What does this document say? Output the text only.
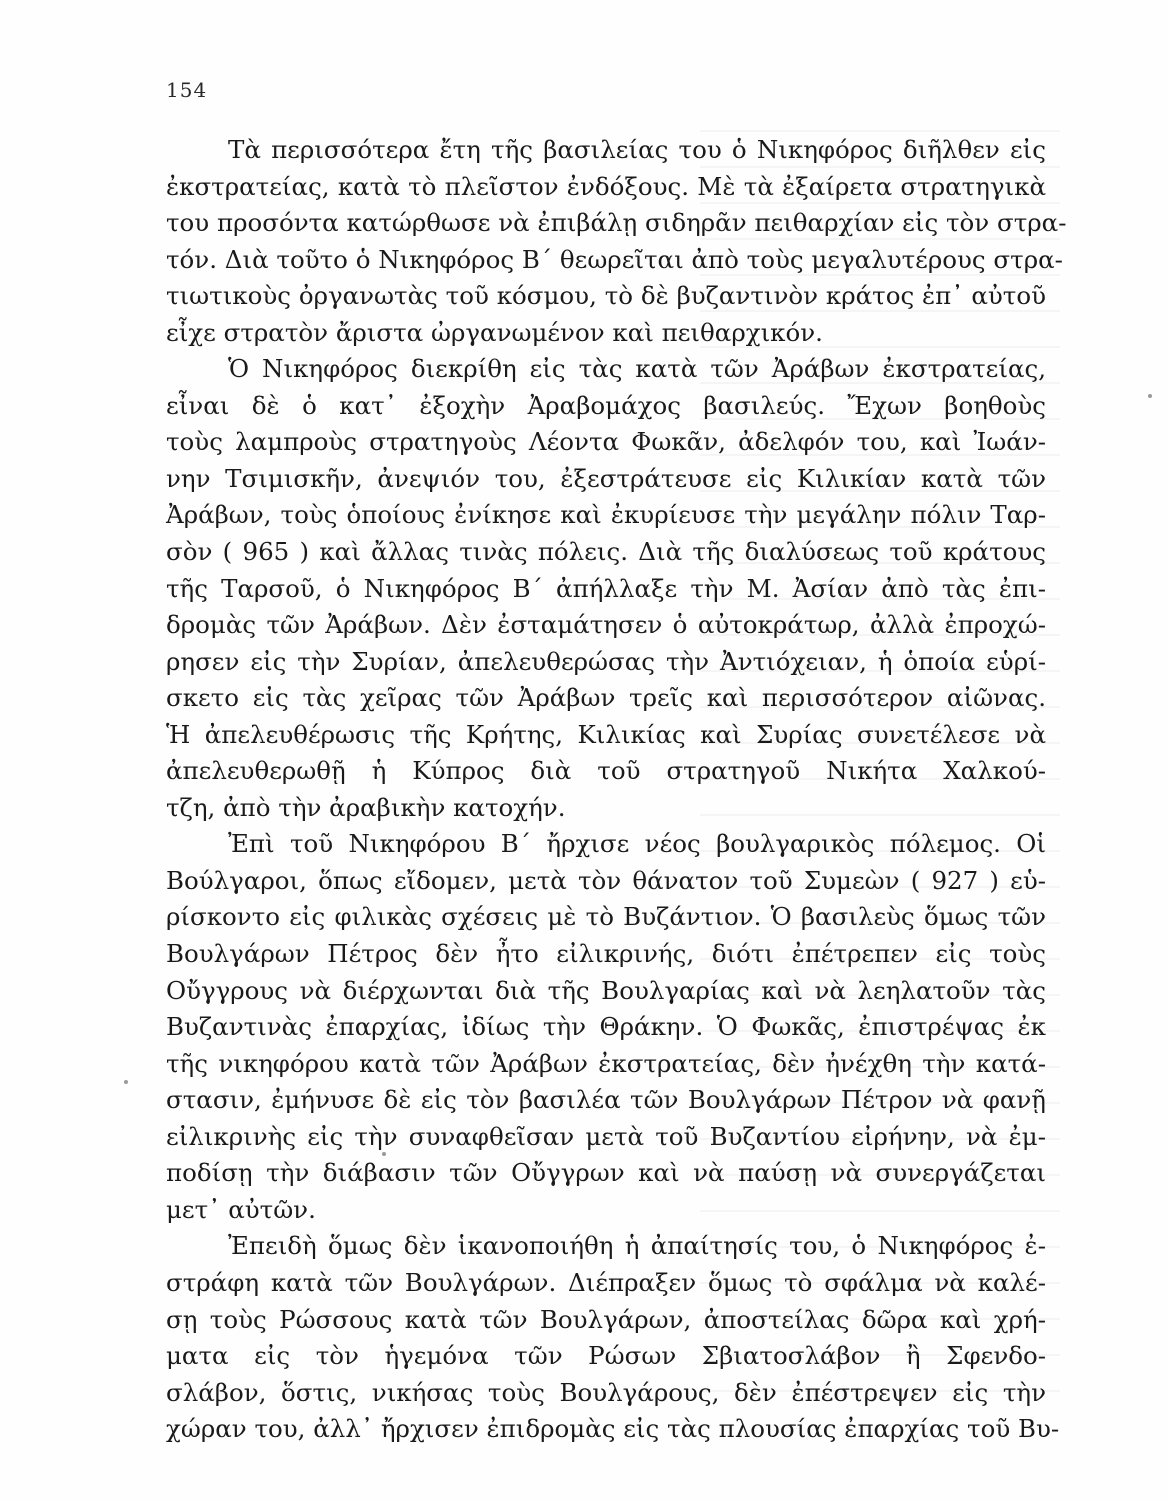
154
Τὰ περισσότερα ἔτη τῆς βασιλείας του ὁ Νικηφόρος διῆλθεν εἰς
ἐκστρατείας, κατὰ τὸ πλεῖστον ἐνδόξους. Μὲ τὰ ἐξαίρετα στρατηγικὰ
του προσόντα κατώρθωσε νὰ ἐπιβάλῃ σιδηρᾶν πειθαρχίαν εἰς τὸν στρα-
τόν. Διὰ τοῦτο ὁ Νικηφόρος Β΄ θεωρεῖται ἀπὸ τοὺς μεγαλυτέρους στρα-
τιωτικοὺς ὀργανωτὰς τοῦ κόσμου, τὸ δὲ βυζαντινὸν κράτος ἐπ᾽ αὐτοῦ
εἶχε στρατὸν ἄριστα ὠργανωμένον καὶ πειθαρχικόν.
Ὁ Νικηφόρος διεκρίθη εἰς τὰς κατὰ τῶν Ἀράβων ἐκστρατείας,
εἶναι δὲ ὁ κατ᾽ ἐξοχὴν Ἀραβομάχος βασιλεύς. Ἔχων βοηθοὺς
τοὺς λαμπροὺς στρατηγοὺς Λέοντα Φωκᾶν, ἀδελφόν του, καὶ Ἰωάν-
νην Τσιμισκῆν, ἀνεψιόν του, ἐξεστράτευσε εἰς Κιλικίαν κατὰ τῶν
Ἀράβων, τοὺς ὁποίους ἐνίκησε καὶ ἐκυρίευσε τὴν μεγάλην πόλιν Ταρ-
σὸν ( 965 ) καὶ ἄλλας τινὰς πόλεις. Διὰ τῆς διαλύσεως τοῦ κράτους
τῆς Ταρσοῦ, ὁ Νικηφόρος Β΄ ἀπήλλαξε τὴν Μ. Ἀσίαν ἀπὸ τὰς ἐπι-
δρομὰς τῶν Ἀράβων. Δὲν ἐσταμάτησεν ὁ αὐτοκράτωρ, ἀλλὰ ἐπροχώ-
ρησεν εἰς τὴν Συρίαν, ἀπελευθερώσας τὴν Ἀντιόχειαν, ἡ ὁποία εὑρί-
σκετο εἰς τὰς χεῖρας τῶν Ἀράβων τρεῖς καὶ περισσότερον αἰῶνας.
Ἡ ἀπελευθέρωσις τῆς Κρήτης, Κιλικίας καὶ Συρίας συνετέλεσε νὰ
ἀπελευθερωθῇ ἡ Κύπρος διὰ τοῦ στρατηγοῦ Νικήτα Χαλκού-
τζη, ἀπὸ τὴν ἀραβικὴν κατοχήν.
Ἐπὶ τοῦ Νικηφόρου Β΄ ἤρχισε νέος βουλγαρικὸς πόλεμος. Οἱ
Βούλγαροι, ὅπως εἴδομεν, μετὰ τὸν θάνατον τοῦ Συμεὼν ( 927 ) εὑ-
ρίσκοντο εἰς φιλικὰς σχέσεις μὲ τὸ Βυζάντιον. Ὁ βασιλεὺς ὅμως τῶν
Βουλγάρων Πέτρος δὲν ἦτο εἰλικρινής, διότι ἐπέτρεπεν εἰς τοὺς
Οὔγγρους νὰ διέρχωνται διὰ τῆς Βουλγαρίας καὶ νὰ λεηλατοῦν τὰς
Βυζαντινὰς ἐπαρχίας, ἰδίως τὴν Θράκην. Ὁ Φωκᾶς, ἐπιστρέψας ἐκ
τῆς νικηφόρου κατὰ τῶν Ἀράβων ἐκστρατείας, δὲν ἠνέχθη τὴν κατά-
στασιν, ἐμήνυσε δὲ εἰς τὸν βασιλέα τῶν Βουλγάρων Πέτρον νὰ φανῇ
εἰλικρινὴς εἰς τὴν συναφθεῖσαν μετὰ τοῦ Βυζαντίου εἰρήνην, νὰ ἐμ-
ποδίσῃ τὴν διάβασιν τῶν Οὔγγρων καὶ νὰ παύσῃ νὰ συνεργάζεται
μετ᾽ αὐτῶν.
Ἐπειδὴ ὅμως δὲν ἱκανοποιήθη ἡ ἀπαίτησίς του, ὁ Νικηφόρος ἐ-
στράφη κατὰ τῶν Βουλγάρων. Διέπραξεν ὅμως τὸ σφάλμα νὰ καλέ-
σῃ τοὺς Ρώσσους κατὰ τῶν Βουλγάρων, ἀποστείλας δῶρα καὶ χρή-
ματα εἰς τὸν ἡγεμόνα τῶν Ρώσων Σβιατοσλάβον ἢ Σφενδο-
σλάβον, ὅστις, νικήσας τοὺς Βουλγάρους, δὲν ἐπέστρεψεν εἰς τὴν
χώραν του, ἀλλ᾽ ἤρχισεν ἐπιδρομὰς εἰς τὰς πλουσίας ἐπαρχίας τοῦ Βυ-
